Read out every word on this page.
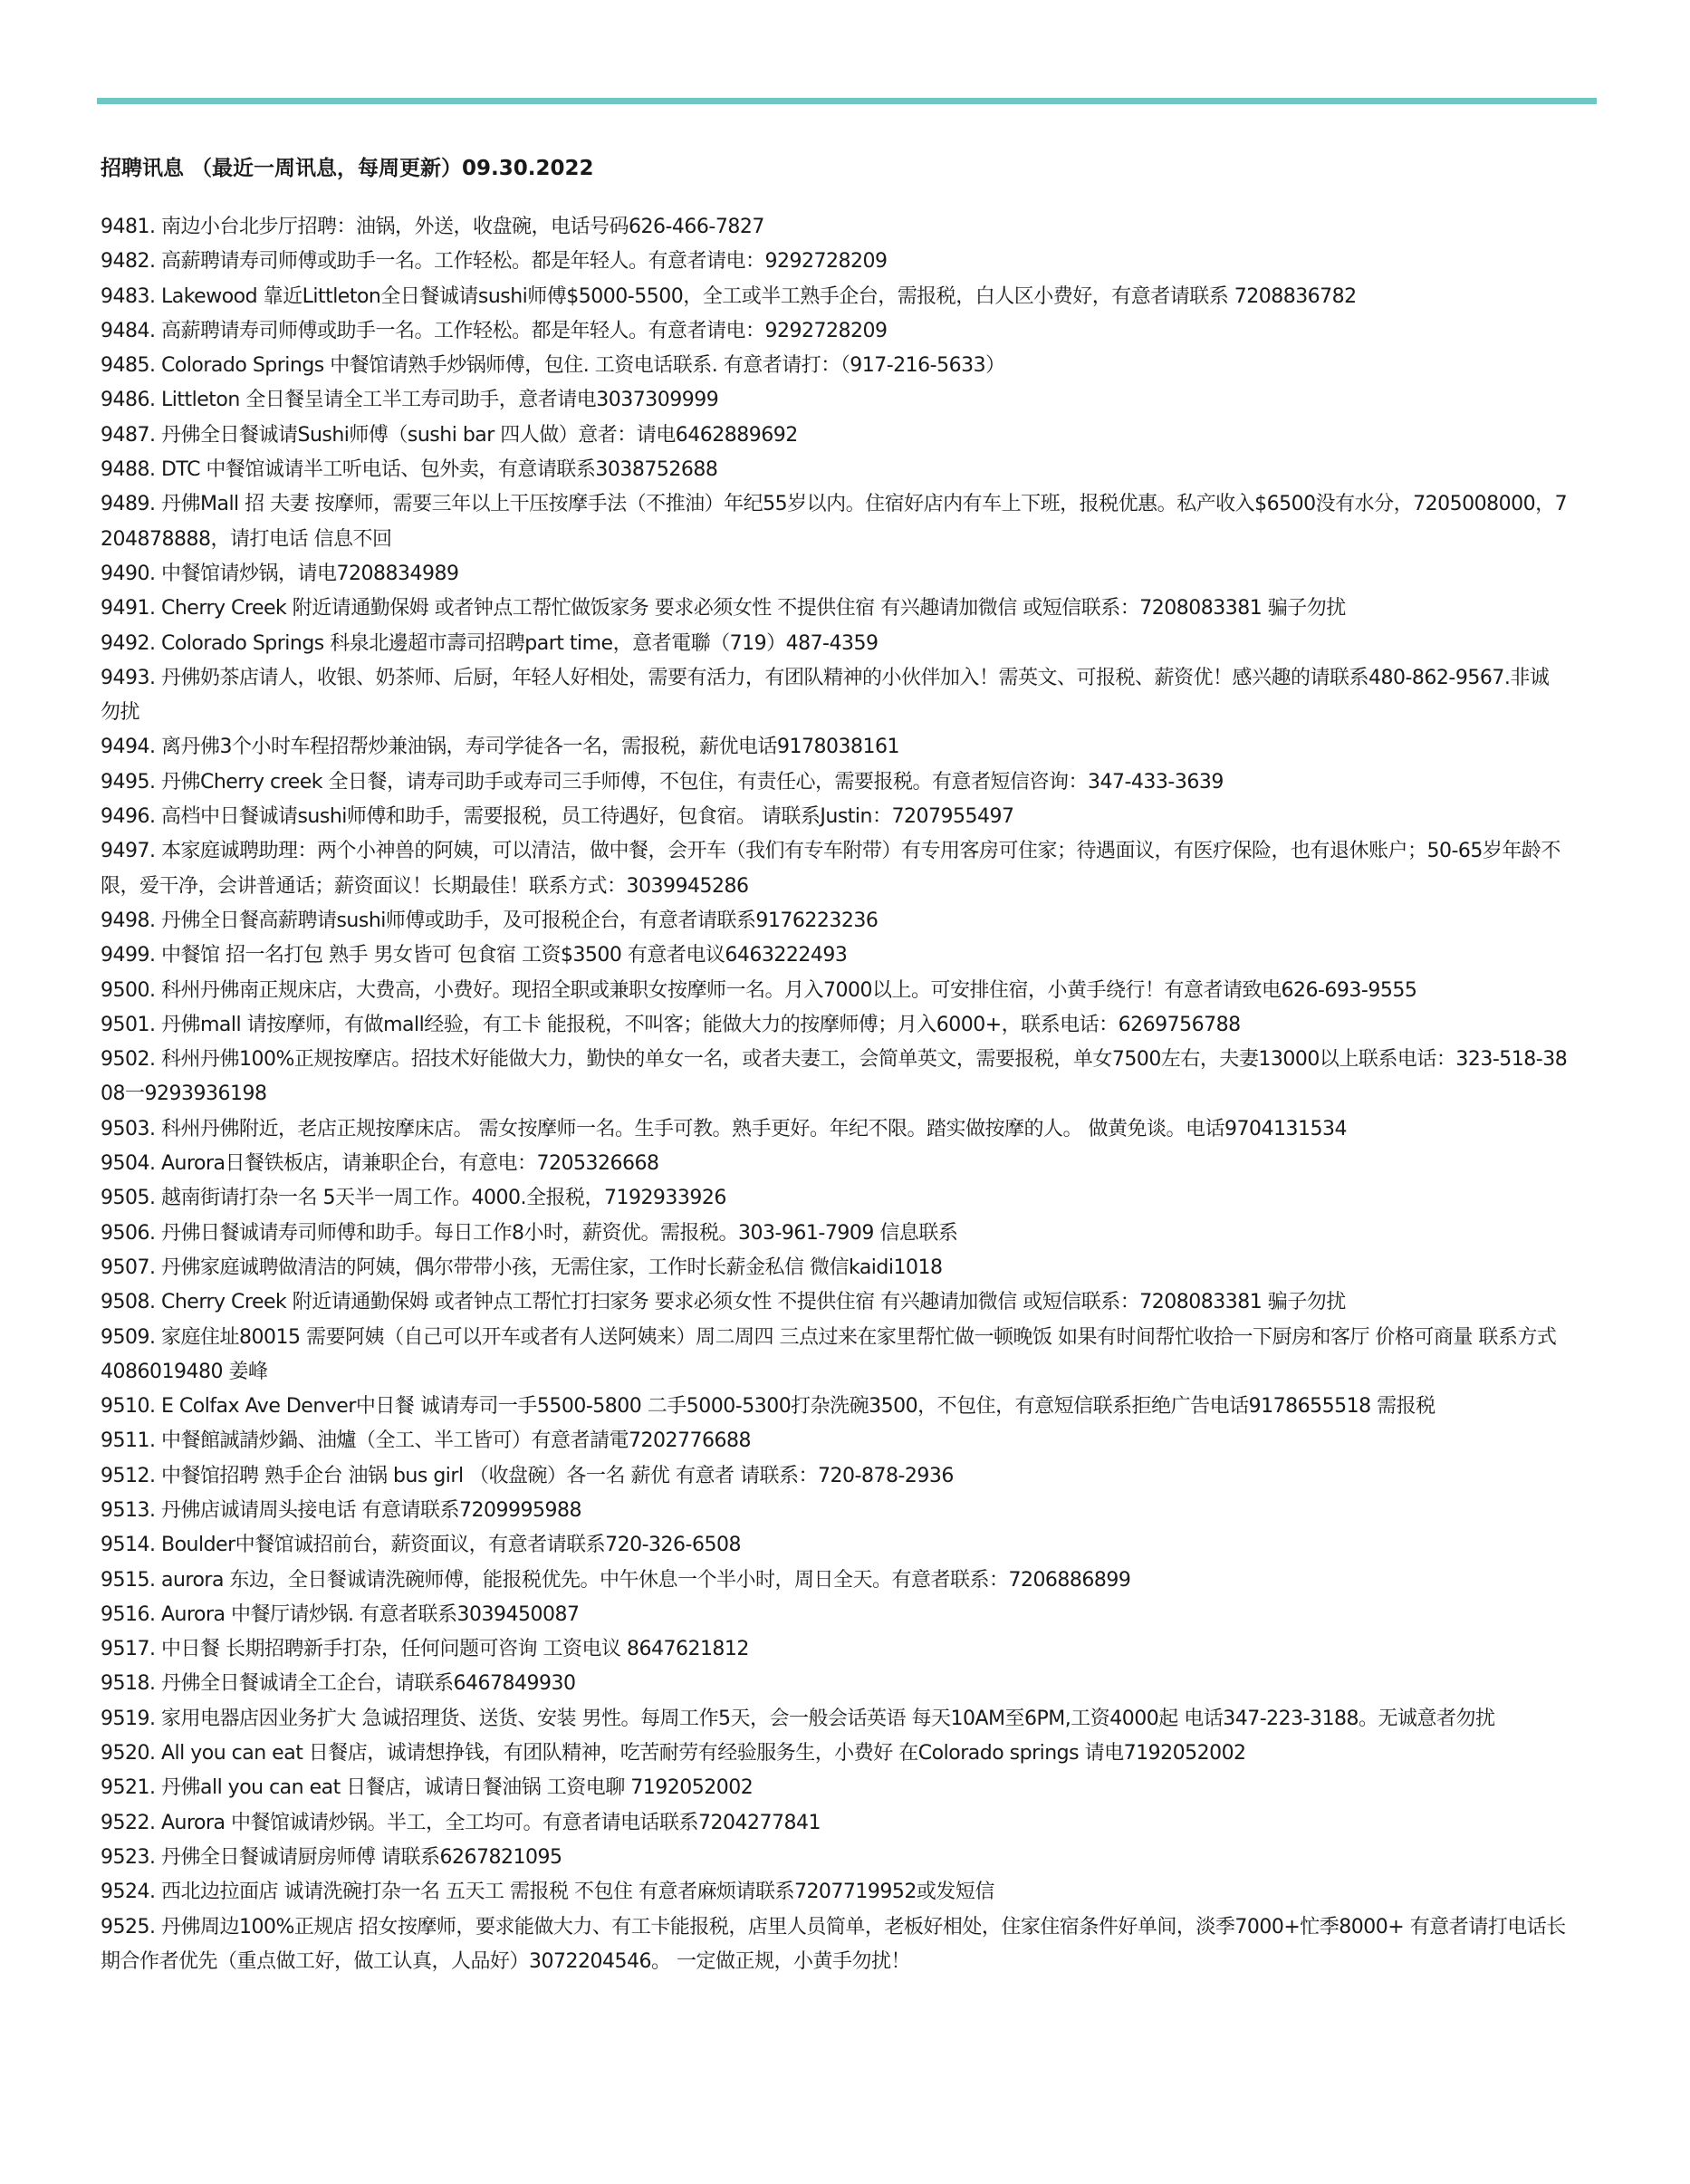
招聘讯息 （最近一周讯息，每周更新）09.30.2022
9481. 南边小台北步厅招聘：油锅，外送，收盘碗，电话号码626-466-7827
9482. 高薪聘请寿司师傅或助手一名。工作轻松。都是年轻人。有意者请电：9292728209
9483. Lakewood 靠近Littleton全日餐诚请sushi师傅$5000-5500，全工或半工熟手企台，需报税，白人区小费好，有意者请联系 7208836782
9484. 高薪聘请寿司师傅或助手一名。工作轻松。都是年轻人。有意者请电：9292728209
9485. Colorado Springs 中餐馆请熟手炒锅师傅，包住. 工资电话联系. 有意者请打：（917-216-5633）
9486. Littleton 全日餐呈请全工半工寿司助手，意者请电3037309999
9487. 丹佛全日餐诚请Sushi师傅（sushi bar 四人做）意者：请电6462889692
9488. DTC 中餐馆诚请半工听电话、包外卖，有意请联系3038752688
9489. 丹佛Mall 招 夫妻 按摩师，需要三年以上干压按摩手法（不推油）年纪55岁以内。住宿好店内有车上下班，报税优惠。私产收入$6500没有水分，7205008000，7204878888，请打电话 信息不回
9490. 中餐馆请炒锅，请电7208834989
9491. Cherry Creek 附近请通勤保姆 或者钟点工帮忙做饭家务 要求必须女性 不提供住宿 有兴趣请加微信 或短信联系：7208083381 骗子勿扰
9492. Colorado Springs 科泉北邊超市壽司招聘part time，意者電聯（719）487-4359
9493. 丹佛奶茶店请人，收银、奶茶师、后厨，年轻人好相处，需要有活力，有团队精神的小伙伴加入！需英文、可报税、薪资优！感兴趣的请联系480-862-9567.非诚勿扰
9494. 离丹佛3个小时车程招帮炒兼油锅，寿司学徒各一名，需报税，薪优电话9178038161
9495. 丹佛Cherry creek 全日餐，请寿司助手或寿司三手师傅，不包住，有责任心，需要报税。有意者短信咨询：347-433-3639
9496. 高档中日餐诚请sushi师傅和助手，需要报税，员工待遇好，包食宿。 请联系Justin：7207955497
9497. 本家庭诚聘助理：两个小神兽的阿姨，可以清洁，做中餐，会开车（我们有专车附带）有专用客房可住家；待遇面议，有医疗保险，也有退休账户；50-65岁年龄不限，爱干净，会讲普通话；薪资面议！长期最佳！联系方式：3039945286
9498. 丹佛全日餐高薪聘请sushi师傅或助手，及可报税企台，有意者请联系9176223236
9499. 中餐馆 招一名打包 熟手 男女皆可 包食宿 工资$3500 有意者电议6463222493
9500. 科州丹佛南正规床店，大费高，小费好。现招全职或兼职女按摩师一名。月入7000以上。可安排住宿，小黄手绕行！有意者请致电626-693-9555
9501. 丹佛mall 请按摩师，有做mall经验，有工卡 能报税，不叫客；能做大力的按摩师傅；月入6000+，联系电话：6269756788
9502. 科州丹佛100%正规按摩店。招技术好能做大力，勤快的单女一名，或者夫妻工，会简单英文，需要报税，单女7500左右，夫妻13000以上联系电话：323-518-3808一9293936198
9503. 科州丹佛附近，老店正规按摩床店。 需女按摩师一名。生手可教。熟手更好。年纪不限。踏实做按摩的人。 做黄免谈。电话9704131534
9504. Aurora日餐铁板店，请兼职企台，有意电：7205326668
9505. 越南街请打杂一名 5天半一周工作。4000.全报税，7192933926
9506. 丹佛日餐诚请寿司师傅和助手。每日工作8小时，薪资优。需报税。303-961-7909 信息联系
9507. 丹佛家庭诚聘做清洁的阿姨，偶尔带带小孩，无需住家，工作时长薪金私信 微信kaidi1018
9508. Cherry Creek 附近请通勤保姆 或者钟点工帮忙打扫家务 要求必须女性 不提供住宿 有兴趣请加微信 或短信联系：7208083381 骗子勿扰
9509. 家庭住址80015 需要阿姨（自己可以开车或者有人送阿姨来）周二周四 三点过来在家里帮忙做一顿晚饭 如果有时间帮忙收拾一下厨房和客厅 价格可商量 联系方式 4086019480 姜峰
9510. E Colfax Ave Denver中日餐 诚请寿司一手5500-5800 二手5000-5300打杂洗碗3500，不包住，有意短信联系拒绝广告电话9178655518 需报税
9511. 中餐館誠請炒鍋、油爐（全工、半工皆可）有意者請電7202776688
9512. 中餐馆招聘 熟手企台 油锅 bus girl （收盘碗）各一名 薪优 有意者 请联系：720-878-2936
9513. 丹佛店诚请周头接电话 有意请联系7209995988
9514. Boulder中餐馆诚招前台，薪资面议，有意者请联系720-326-6508
9515. aurora 东边，全日餐诚请洗碗师傅，能报税优先。中午休息一个半小时，周日全天。有意者联系：7206886899
9516. Aurora 中餐厅请炒锅. 有意者联系3039450087
9517. 中日餐 长期招聘新手打杂，任何问题可咨询 工资电议 8647621812
9518. 丹佛全日餐诚请全工企台，请联系6467849930
9519. 家用电器店因业务扩大 急诚招理货、送货、安装 男性。每周工作5天，会一般会话英语 每天10AM至6PM,工资4000起 电话347-223-3188。无诚意者勿扰
9520. All you can eat 日餐店，诚请想挣钱，有团队精神，吃苦耐劳有经验服务生，小费好 在Colorado springs 请电7192052002
9521. 丹佛all you can eat 日餐店，诚请日餐油锅 工资电聊 7192052002
9522. Aurora 中餐馆诚请炒锅。半工，全工均可。有意者请电话联系7204277841
9523. 丹佛全日餐诚请厨房师傅 请联系6267821095
9524. 西北边拉面店 诚请洗碗打杂一名 五天工 需报税 不包住 有意者麻烦请联系7207719952或发短信
9525. 丹佛周边100%正规店 招女按摩师，要求能做大力、有工卡能报税，店里人员简单，老板好相处，住家住宿条件好单间，淡季7000+忙季8000+ 有意者请打电话长期合作者优先（重点做工好，做工认真，人品好）3072204546。 一定做正规，小黄手勿扰！
